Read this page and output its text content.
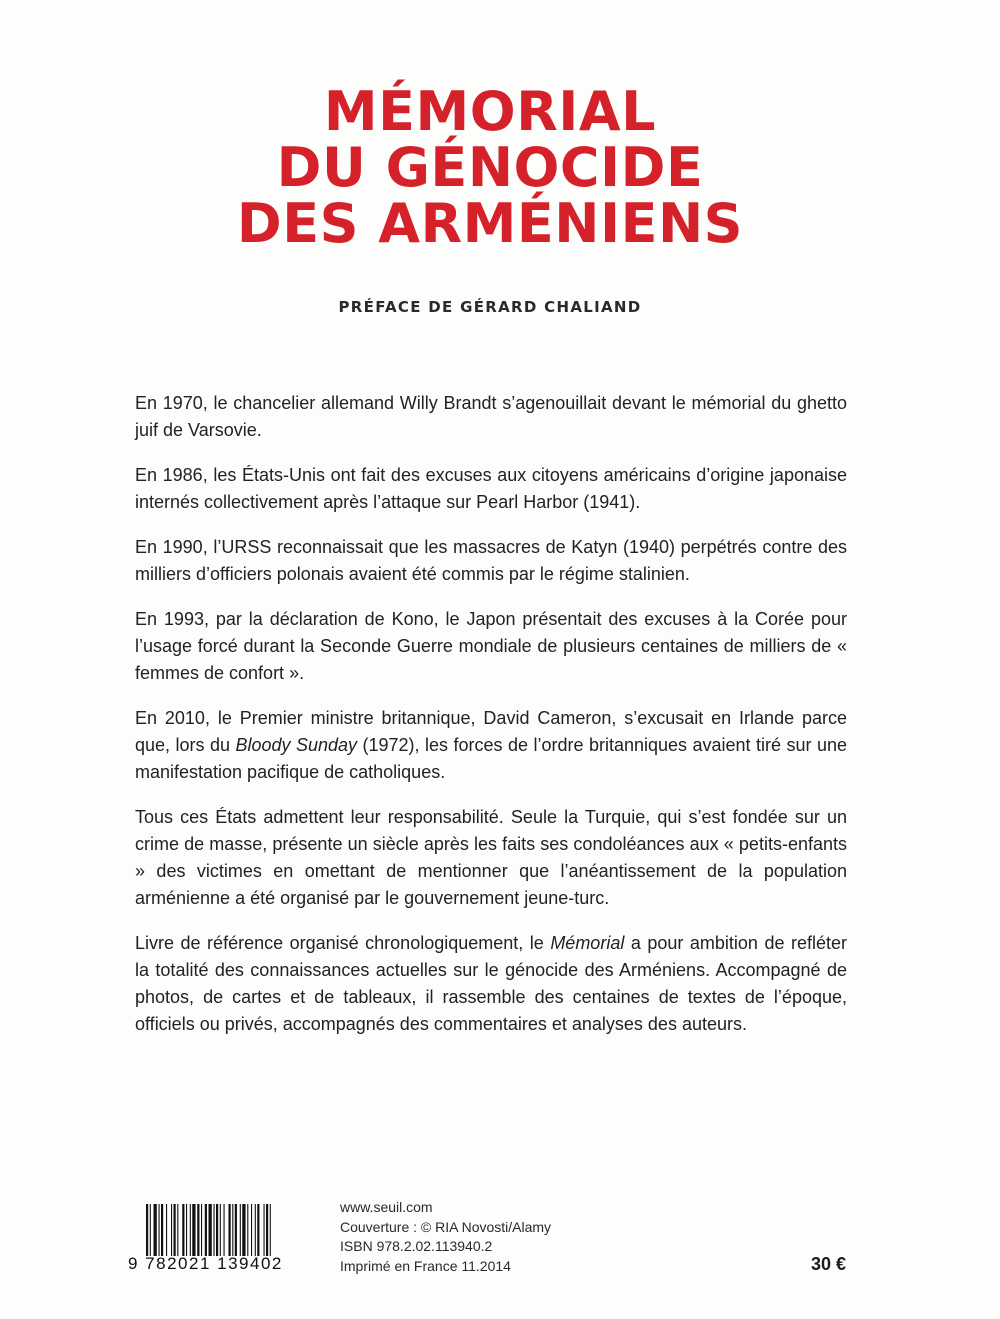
MÉMORIAL
DU GÉNOCIDE
DES ARMÉNIENS
PRÉFACE DE GÉRARD CHALIAND

En 1970, le chancelier allemand Willy Brandt s’agenouillait devant le mémorial du ghetto juif de Varsovie.

En 1986, les États-Unis ont fait des excuses aux citoyens américains d’origine japonaise internés collectivement après l’attaque sur Pearl Harbor (1941).

En 1990, l’URSS reconnaissait que les massacres de Katyn (1940) perpétrés contre des milliers d’officiers polonais avaient été commis par le régime stalinien.

En 1993, par la déclaration de Kono, le Japon présentait des excuses à la Corée pour l’usage forcé durant la Seconde Guerre mondiale de plusieurs centaines de milliers de « femmes de confort ».

En 2010, le Premier ministre britannique, David Cameron, s’excusait en Irlande parce que, lors du Bloody Sunday (1972), les forces de l’ordre britanniques avaient tiré sur une manifestation pacifique de catholiques.

Tous ces États admettent leur responsabilité. Seule la Turquie, qui s’est fondée sur un crime de masse, présente un siècle après les faits ses condoléances aux « petits-enfants » des victimes en omettant de mentionner que l’anéantissement de la population arménienne a été organisé par le gouvernement jeune-turc.

Livre de référence organisé chronologiquement, le Mémorial a pour ambition de refléter la totalité des connaissances actuelles sur le génocide des Arméniens. Accompagné de photos, de cartes et de tableaux, il rassemble des centaines de textes de l’époque, officiels ou privés, accompagnés des commentaires et analyses des auteurs.

9 782021 139402
www.seuil.com
Couverture : © RIA Novosti/Alamy
ISBN 978.2.02.113940.2
Imprimé en France 11.2014	30 €
